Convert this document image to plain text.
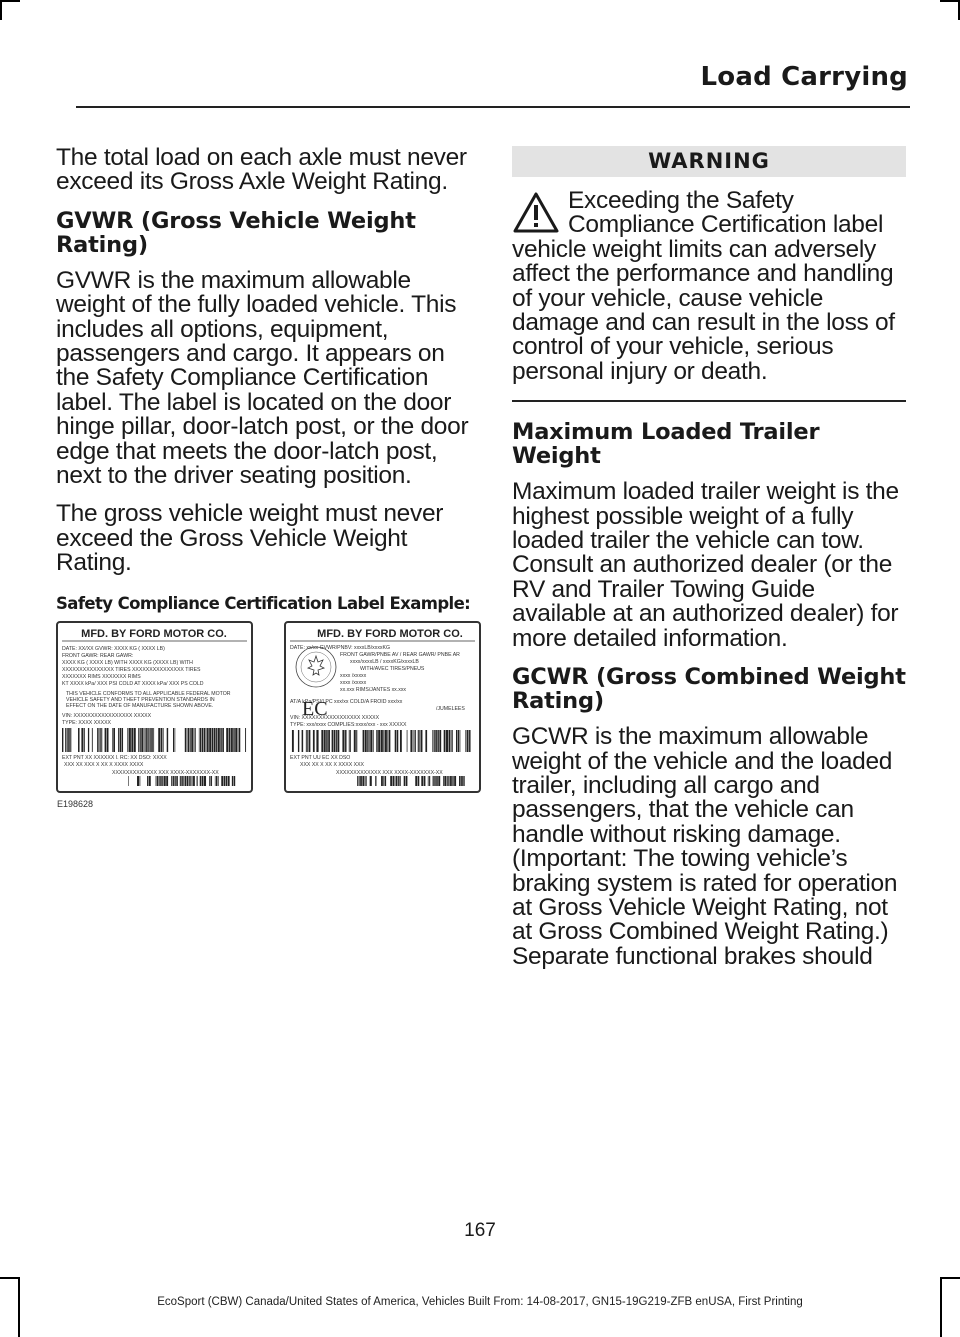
Load Carrying

The total load on each axle must never exceed its Gross Axle Weight Rating.

GVWR (Gross Vehicle Weight Rating)

GVWR is the maximum allowable weight of the fully loaded vehicle. This includes all options, equipment, passengers and cargo. It appears on the Safety Compliance Certification label. The label is located on the door hinge pillar, door-latch post, or the door edge that meets the door-latch post, next to the driver seating position.

The gross vehicle weight must never exceed the Gross Vehicle Weight Rating.

Safety Compliance Certification Label Example:

MFD. BY FORD MOTOR CO.
DATE: XX/XX GVWR: XXXX KG ( XXXX LB)
FRONT GAWR: REAR GAWR:
XXXX KG ( XXXX LB) WITH XXXX KG (XXXX LB) WITH
XXXXXXXXXXXXXXX TIRES XXXXXXXXXXXXXXX TIRES
XXXXXXX RIMS XXXXXXX RIMS
KT XXXX kPa/ XXX PSI COLD AT XXXX kPa/ XXX PS COLD
THIS VEHICLE CONFORMS TO ALL APPLICABLE FEDERAL MOTOR
VEHICLE SAFETY AND THEFT PREVENTION STANDARDS IN
EFFECT ON THE DATE OF MANUFACTURE SHOWN ABOVE.
VIN: XXXXXXXXXXXXXXXXX XXXXX
TYPE: XXXX XXXXX
EXT PNT XX XXXXXX I. RC: XX DSO: XXXX
XXX XX XXX X XX X XXXX XXXX
XXXXXXXXXXXXX XXX XXXX-XXXXXXX-XX
MFD. BY FORD MOTOR CO.
DATE: xx/xx GVWR/PNBV: xxxxLB/xxxxKG
FRONT GAWR/PNBE AV / REAR GAWR/ PNBE AR
xxxx/xxxxLB / xxxxKG/xxxxLB
WITH/AVEC TIRES/PNEUS
xxxx /xxxxx
xxxx /xxxxx
xx.xxx RIMS/JANTES xx.xxx
AT/A kPa/PSI/LPC xxx/xx COLD/A FROID xxx/xx
/JUMELEES
VIN: XXXXXXXXXXXXXXXXX XXXXX
TYPE: xxx/xxxx COMPLIES:xxxx/xxx - xxx XXXXX
EXT PNT UU EC XX DSO
XXX XX X XX X XXXX XXX
XXXXXXXXXXXXX XXX XXXX-XXXXXXX-XX
EC
E198628
WARNING

Exceeding the Safety Compliance Certification label vehicle weight limits can adversely affect the performance and handling of your vehicle, cause vehicle damage and can result in the loss of control of your vehicle, serious personal injury or death.

Maximum Loaded Trailer Weight

Maximum loaded trailer weight is the highest possible weight of a fully loaded trailer the vehicle can tow. Consult an authorized dealer (or the RV and Trailer Towing Guide available at an authorized dealer) for more detailed information.

GCWR (Gross Combined Weight Rating)

GCWR is the maximum allowable weight of the vehicle and the loaded trailer, including all cargo and passengers, that the vehicle can handle without risking damage. (Important: The towing vehicle’s braking system is rated for operation at Gross Vehicle Weight Rating, not at Gross Combined Weight Rating.) Separate functional brakes should

167
EcoSport (CBW) Canada/United States of America, Vehicles Built From: 14-08-2017, GN15-19G219-ZFB enUSA, First Printing
